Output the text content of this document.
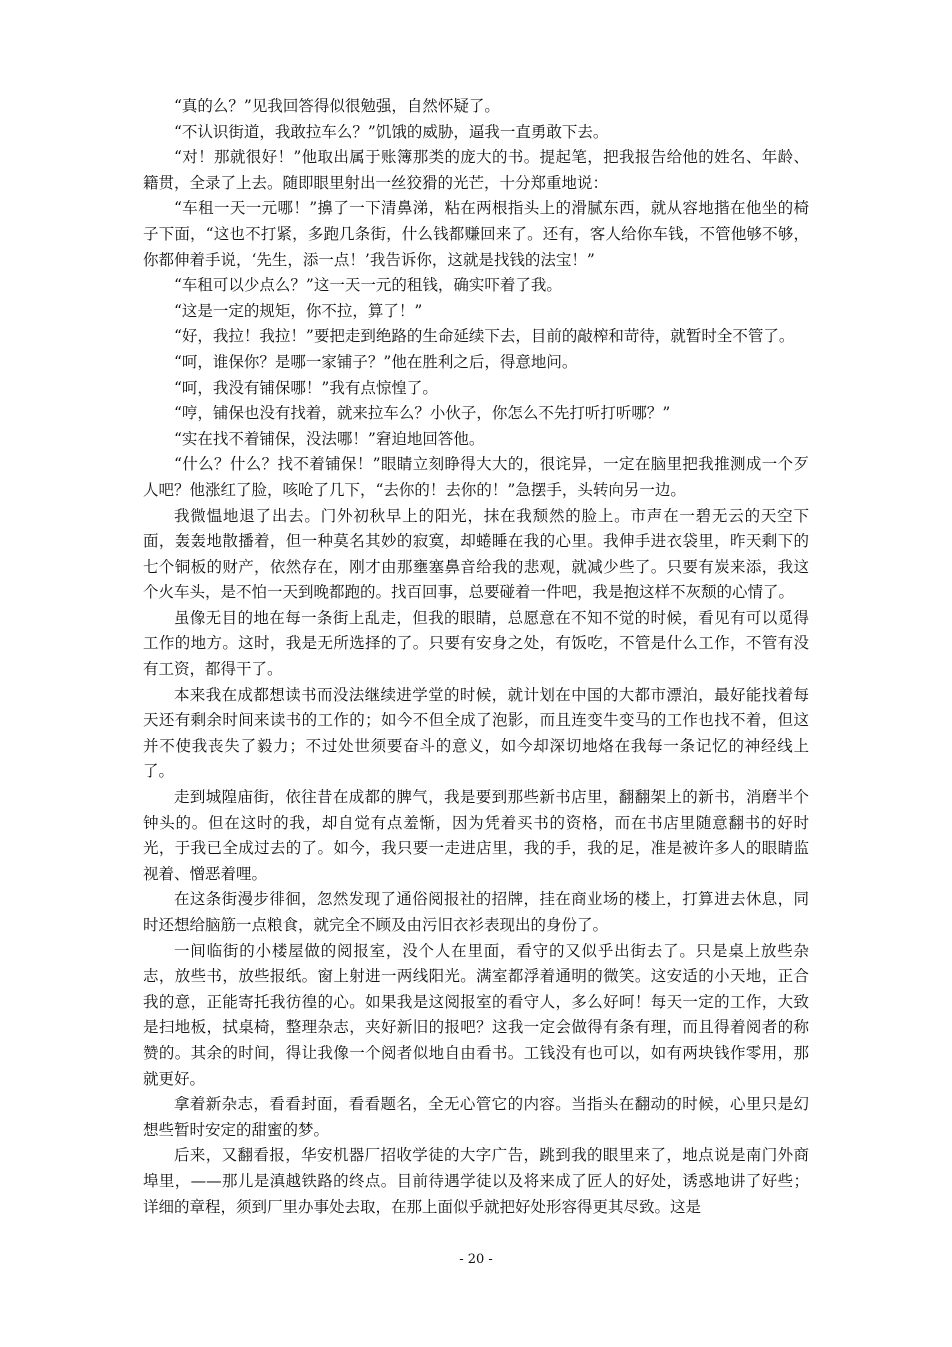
“真的么？”见我回答得似很勉强，自然怀疑了。

“不认识街道，我敢拉车么？”饥饿的威胁，逼我一直勇敢下去。

“对！那就很好！”他取出属于账簿那类的庞大的书。提起笔，把我报告给他的姓名、年龄、籍贯，全录了上去。随即眼里射出一丝狡猾的光芒，十分郑重地说：

“车租一天一元哪！”擤了一下清鼻涕，粘在两根指头上的滑腻东西，就从容地揩在他坐的椅子下面，“这也不打紧，多跑几条街，什么钱都赚回来了。还有，客人给你车钱，不管他够不够，你都伸着手说，‘先生，添一点！’我告诉你，这就是找钱的法宝！”

“车租可以少点么？”这一天一元的租钱，确实吓着了我。

“这是一定的规矩，你不拉，算了！”

“好，我拉！我拉！”要把走到绝路的生命延续下去，目前的敲榨和苛待，就暂时全不管了。

“呵，谁保你？是哪一家铺子？”他在胜利之后，得意地问。

“呵，我没有铺保哪！”我有点惊惶了。

“哼，铺保也没有找着，就来拉车么？小伙子，你怎么不先打听打听哪？”

“实在找不着铺保，没法哪！”窘迫地回答他。

“什么？什么？找不着铺保！”眼睛立刻睁得大大的，很诧异，一定在脑里把我推测成一个歹人吧？他涨红了脸，咳呛了几下，“去你的！去你的！”急摆手，头转向另一边。

我微愠地退了出去。门外初秋早上的阳光，抹在我颓然的脸上。市声在一碧无云的天空下面，轰轰地散播着，但一种莫名其妙的寂寞，却蜷睡在我的心里。我伸手进衣袋里，昨天剩下的七个铜板的财产，依然存在，刚才由那壅塞鼻音给我的悲观，就减少些了。只要有炭来添，我这个火车头，是不怕一天到晚都跑的。找百回事，总要碰着一件吧，我是抱这样不灰颓的心情了。

虽像无目的地在每一条街上乱走，但我的眼睛，总愿意在不知不觉的时候，看见有可以觅得工作的地方。这时，我是无所选择的了。只要有安身之处，有饭吃，不管是什么工作，不管有没有工资，都得干了。

本来我在成都想读书而没法继续进学堂的时候，就计划在中国的大都市漂泊，最好能找着每天还有剩余时间来读书的工作的；如今不但全成了泡影，而且连变牛变马的工作也找不着，但这并不使我丧失了毅力；不过处世须要奋斗的意义，如今却深切地烙在我每一条记忆的神经线上了。

走到城隍庙街，依往昔在成都的脾气，我是要到那些新书店里，翻翻架上的新书，消磨半个钟头的。但在这时的我，却自觉有点羞惭，因为凭着买书的资格，而在书店里随意翻书的好时光，于我已全成过去的了。如今，我只要一走进店里，我的手，我的足，准是被许多人的眼睛监视着、憎恶着哩。

在这条街漫步徘徊，忽然发现了通俗阅报社的招牌，挂在商业场的楼上，打算进去休息，同时还想给脑筋一点粮食，就完全不顾及由污旧衣衫表现出的身份了。

一间临街的小楼屋做的阅报室，没个人在里面，看守的又似乎出街去了。只是桌上放些杂志，放些书，放些报纸。窗上射进一两线阳光。满室都浮着通明的微笑。这安适的小天地，正合我的意，正能寄托我彷徨的心。如果我是这阅报室的看守人，多么好呵！每天一定的工作，大致是扫地板，拭桌椅，整理杂志，夹好新旧的报吧？这我一定会做得有条有理，而且得着阅者的称赞的。其余的时间，得让我像一个阅者似地自由看书。工钱没有也可以，如有两块钱作零用，那就更好。

拿着新杂志，看看封面，看看题名，全无心管它的内容。当指头在翻动的时候，心里只是幻想些暂时安定的甜蜜的梦。

后来，又翻看报，华安机器厂招收学徒的大字广告，跳到我的眼里来了，地点说是南门外商埠里，——那儿是滇越铁路的终点。目前待遇学徒以及将来成了匠人的好处，诱惑地讲了好些；详细的章程，须到厂里办事处去取，在那上面似乎就把好处形容得更其尽致。这是

- 20 -
